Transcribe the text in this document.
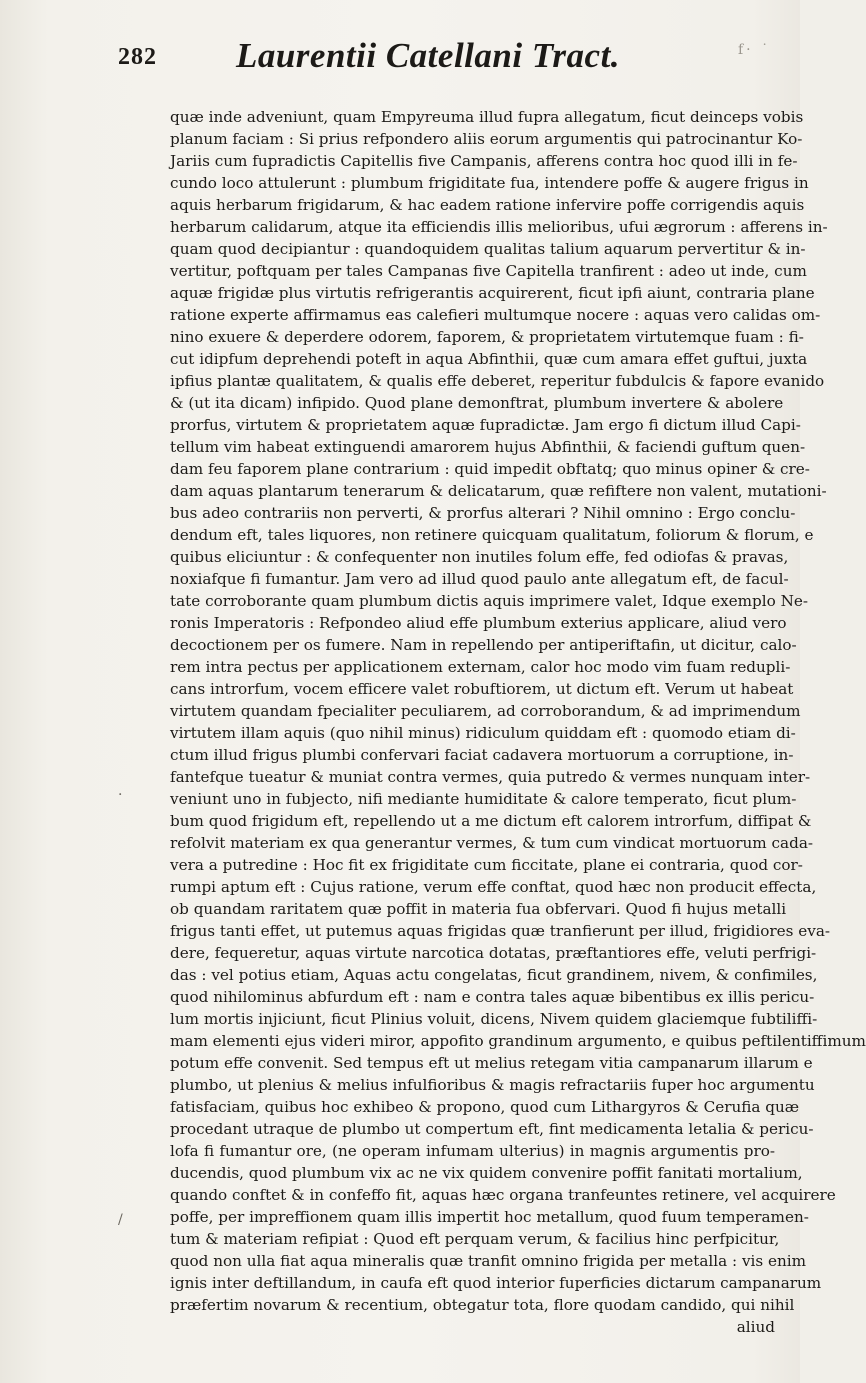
282	Laurentii Catellani Tract.	f· ˙
quæ inde adveniunt, quam Empyreuma illud fupra allegatum, ficut deinceps vobis
planum faciam : Si prius refpondero aliis eorum argumentis qui patrocinantur Ko-
Jariis cum fupradictis Capitellis five Campanis, afferens contra hoc quod illi in fe-
cundo loco attulerunt : plumbum frigiditate fua, intendere poffe & augere frigus in
aquis herbarum frigidarum, & hac eadem ratione infervire poffe corrigendis aquis
herbarum calidarum, atque ita efficiendis illis melioribus, ufui ægrorum : afferens in-
quam quod decipiantur : quandoquidem qualitas talium aquarum pervertitur & in-
vertitur, poftquam per tales Campanas five Capitella tranfirent : adeo ut inde, cum
aquæ frigidæ plus virtutis refrigerantis acquirerent, ficut ipfi aiunt, contraria plane
ratione experte affirmamus eas calefieri multumque nocere : aquas vero calidas om-
nino exuere & deperdere odorem, faporem, & proprietatem virtutemque fuam : fi-
cut idipfum deprehendi poteft in aqua Abfinthii, quæ cum amara effet guftui, juxta
ipfius plantæ qualitatem, & qualis effe deberet, reperitur fubdulcis & fapore evanido
& (ut ita dicam) infipido. Quod plane demonftrat, plumbum invertere & abolere
prorfus, virtutem & proprietatem aquæ fupradictæ. Jam ergo fi dictum illud Capi-
tellum vim habeat extinguendi amarorem hujus Abfinthii, & faciendi guftum quen-
dam feu faporem plane contrarium : quid impedit obftatq; quo minus opiner & cre-
dam aquas plantarum tenerarum & delicatarum, quæ refiftere non valent, mutationi-
bus adeo contrariis non perverti, & prorfus alterari ? Nihil omnino : Ergo conclu-
dendum eft, tales liquores, non retinere quicquam qualitatum, foliorum & florum, e
quibus eliciuntur : & confequenter non inutiles folum effe, fed odiofas & pravas,
noxiafque fi fumantur. Jam vero ad illud quod paulo ante allegatum eft, de facul-
tate corroborante quam plumbum dictis aquis imprimere valet, Idque exemplo Ne-
ronis Imperatoris : Refpondeo aliud effe plumbum exterius applicare, aliud vero
decoctionem per os fumere. Nam in repellendo per antiperiftafin, ut dicitur, calo-
rem intra pectus per applicationem externam, calor hoc modo vim fuam redupli-
cans introrfum, vocem efficere valet robuftiorem, ut dictum eft. Verum ut habeat
virtutem quandam fpecialiter peculiarem, ad corroborandum, & ad imprimendum
virtutem illam aquis (quo nihil minus) ridiculum quiddam eft : quomodo etiam di-
ctum illud frigus plumbi confervari faciat cadavera mortuorum a corruptione, in-
fantefque tueatur & muniat contra vermes, quia putredo & vermes nunquam inter-
veniunt uno in fubjecto, nifi mediante humiditate & calore temperato, ficut plum-
bum quod frigidum eft, repellendo ut a me dictum eft calorem introrfum, diffipat &
refolvit materiam ex qua generantur vermes, & tum cum vindicat mortuorum cada-
vera a putredine : Hoc fit ex frigiditate cum ficcitate, plane ei contraria, quod cor-
rumpi aptum eft : Cujus ratione, verum effe conftat, quod hæc non producit effecta,
ob quandam raritatem quæ poffit in materia fua obfervari. Quod fi hujus metalli
frigus tanti effet, ut putemus aquas frigidas quæ tranfierunt per illud, frigidiores eva-
dere, fequeretur, aquas virtute narcotica dotatas, præftantiores effe, veluti perfrigi-
das : vel potius etiam, Aquas actu congelatas, ficut grandinem, nivem, & confimiles,
quod nihilominus abfurdum eft : nam e contra tales aquæ bibentibus ex illis pericu-
lum mortis injiciunt, ficut Plinius voluit, dicens, Nivem quidem glaciemque fubtiliffi-
mam elementi ejus videri miror, appofito grandinum argumento, e quibus peftilentiffimum
potum effe convenit. Sed tempus eft ut melius retegam vitia campanarum illarum e
plumbo, ut plenius & melius infulfioribus & magis refractariis fuper hoc argumentu
fatisfaciam, quibus hoc exhibeo & propono, quod cum Lithargyros & Cerufia quæ
procedant utraque de plumbo ut compertum eft, fint medicamenta letalia & pericu-
lofa fi fumantur ore, (ne operam infumam ulterius) in magnis argumentis pro-
ducendis, quod plumbum vix ac ne vix quidem convenire poffit fanitati mortalium,
quando conftet & in confeffo fit, aquas hæc organa tranfeuntes retinere, vel acquirere
poffe, per impreffionem quam illis impertit hoc metallum, quod fuum temperamen-
tum & materiam refipiat : Quod eft perquam verum, & facilius hinc perfpicitur,
quod non ulla fiat aqua mineralis quæ tranfit omnino frigida per metalla : vis enim
ignis inter deftillandum, in caufa eft quod interior fuperficies dictarum campanarum
præfertim novarum & recentium, obtegatur tota, flore quodam candido, qui nihil
aliud
·
/
